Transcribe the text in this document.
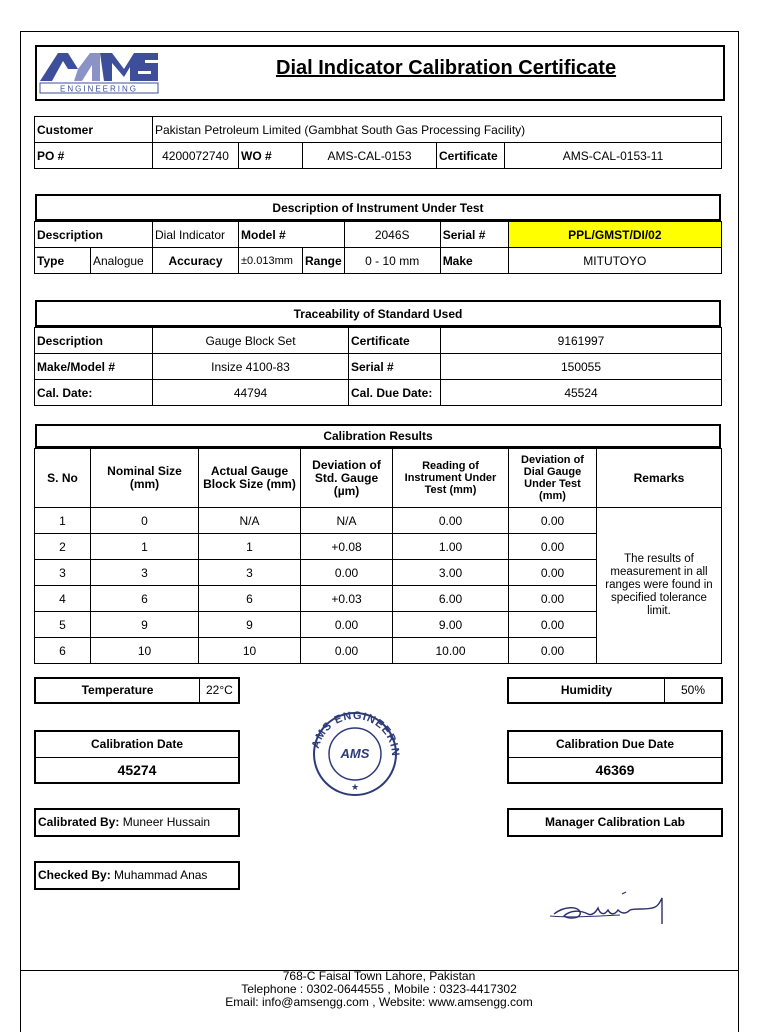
ENGINEERING
Dial Indicator Calibration Certificate
Customer	Pakistan Petroleum Limited (Gambhat South Gas Processing Facility)				
PO #	4200072740	WO #	AMS-CAL-0153	Certificate	AMS-CAL-0153-11
Description of Instrument Under Test
Description		Dial Indicator	Model #		2046S	Serial #	PPL/GMST/DI/02
Type	Analogue	Accuracy	±0.013mm	Range	0 - 10 mm	Make	MITUTOYO
Traceability of Standard Used
Description	Gauge Block Set	Certificate	9161997
Make/Model #	Insize 4100-83	Serial #	150055
Cal. Date:	44794	Cal. Due Date:	45524
Calibration Results
S. No	Nominal Size (mm)	Actual Gauge Block Size (mm)	Deviation of Std. Gauge (µm)	Reading of Instrument Under Test (mm)	Deviation of Dial Gauge Under Test (mm)	Remarks
1	0	N/A	N/A	0.00	0.00	The results of measurement in all ranges were found in specified tolerance limit.
2	1	1	+0.08	1.00	0.00	
3	3	3	0.00	3.00	0.00	
4	6	6	+0.03	6.00	0.00	
5	9	9	0.00	9.00	0.00	
6	10	10	0.00	10.00	0.00	
Temperature	22°C	Humidity	50%
Calibration Date
45274
Calibration Due Date
46369
AMS ENGINEERIN
AMS
★
Calibrated By: Muneer Hussain	Manager Calibration Lab
Checked By: Muhammad Anas
768-C Faisal Town Lahore, Pakistan
Telephone : 0302-0644555 , Mobile : 0323-4417302
Email: info@amsengg.com , Website: www.amsengg.com
